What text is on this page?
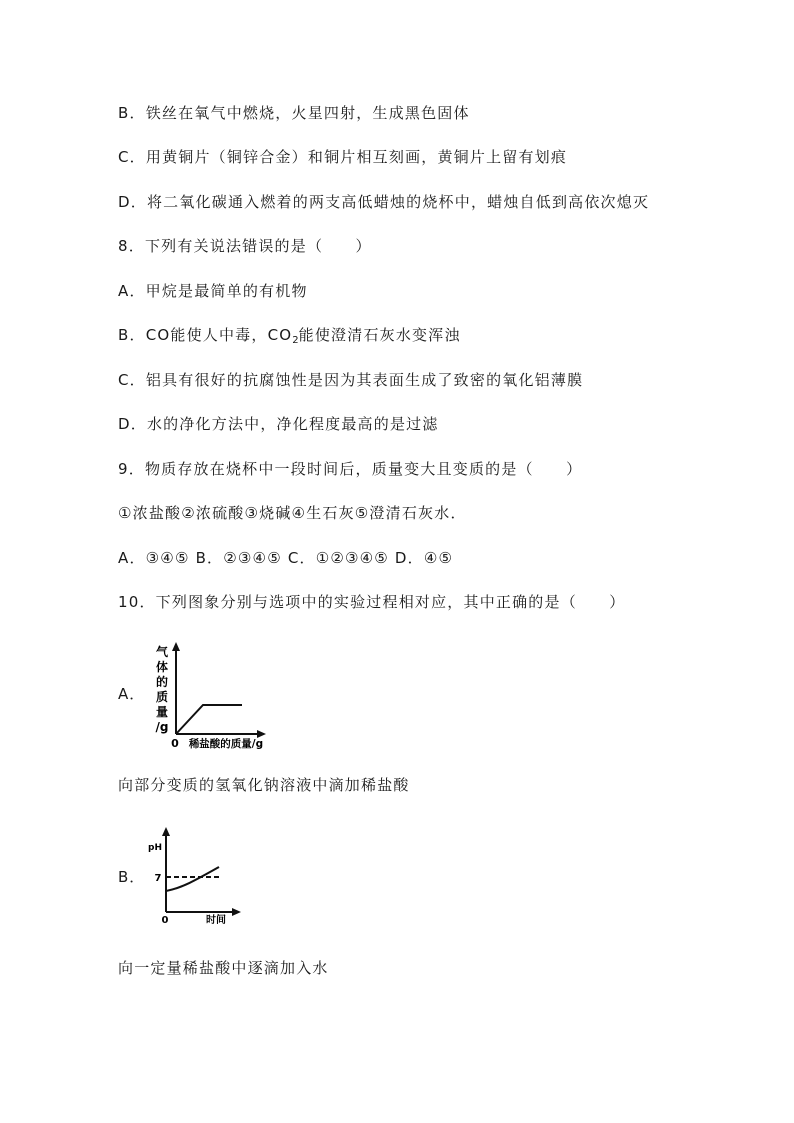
B．铁丝在氧气中燃烧，火星四射，生成黑色固体
C．用黄铜片（铜锌合金）和铜片相互刻画，黄铜片上留有划痕
D．将二氧化碳通入燃着的两支高低蜡烛的烧杯中，蜡烛自低到高依次熄灭
8．下列有关说法错误的是（　　）
A．甲烷是最简单的有机物
B．CO能使人中毒，$CO_2$能使澄清石灰水变浑浊
C．铝具有很好的抗腐蚀性是因为其表面生成了致密的氧化铝薄膜
D．水的净化方法中，净化程度最高的是过滤
9．物质存放在烧杯中一段时间后，质量变大且变质的是（　　）
①浓盐酸②浓硫酸③烧碱④生石灰⑤澄清石灰水．
A．③④⑤ B．②③④⑤ C．①②③④⑤ D．④⑤
10．下列图象分别与选项中的实验过程相对应，其中正确的是（　　）
A．
气
体
的
质
量
/g
0 稀盐酸的质量/g
向部分变质的氢氧化钠溶液中滴加稀盐酸
B．
pH
7
0	时间
向一定量稀盐酸中逐滴加入水
